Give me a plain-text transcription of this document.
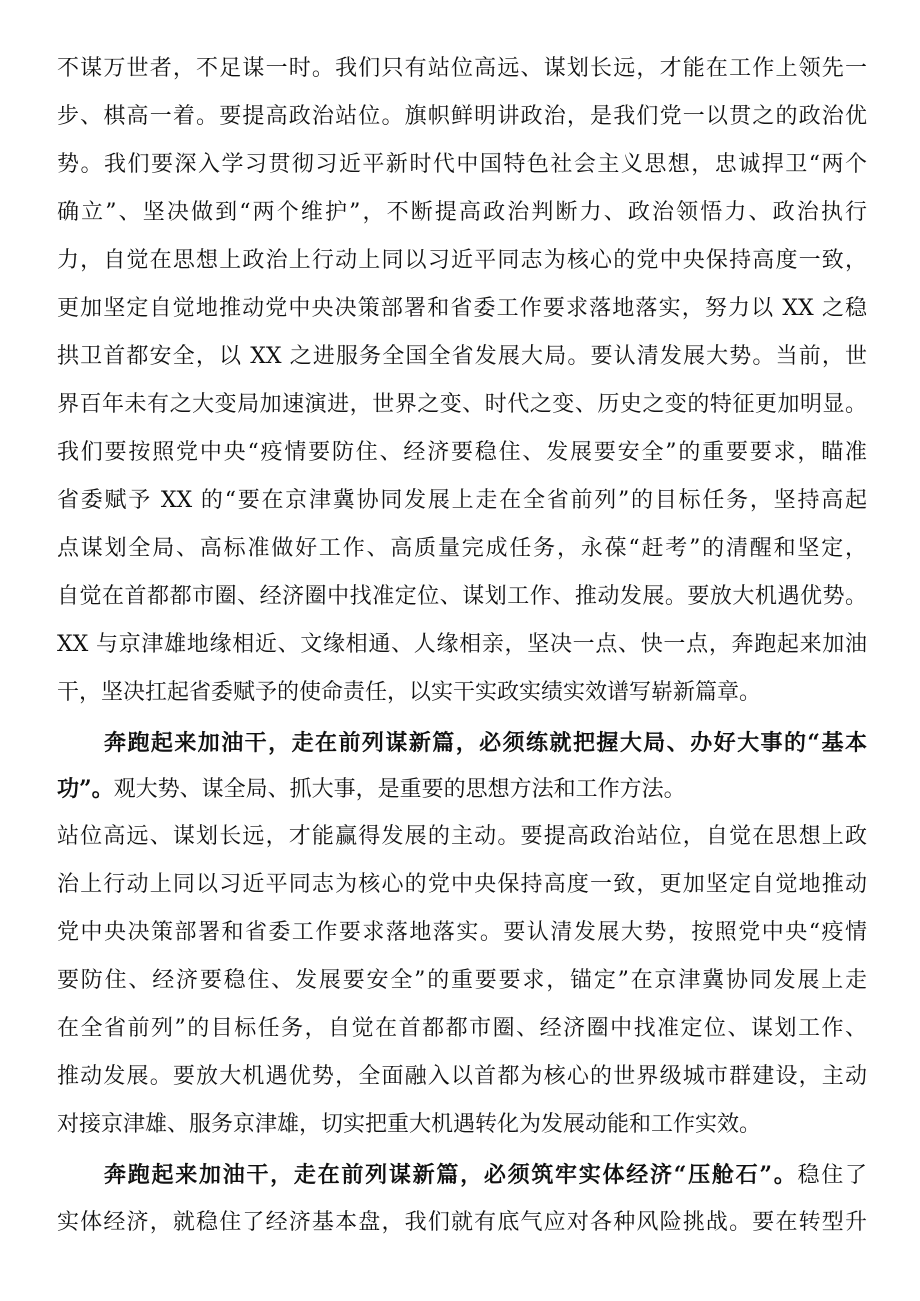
不谋万世者，不足谋一时。我们只有站位高远、谋划长远，才能在工作上领先一
步、棋高一着。要提高政治站位。旗帜鲜明讲政治，是我们党一以贯之的政治优
势。我们要深入学习贯彻习近平新时代中国特色社会主义思想，忠诚捍卫“两个
确立”、坚决做到“两个维护”，不断提高政治判断力、政治领悟力、政治执行
力，自觉在思想上政治上行动上同以习近平同志为核心的党中央保持高度一致，
更加坚定自觉地推动党中央决策部署和省委工作要求落地落实，努力以 XX 之稳
拱卫首都安全，以 XX 之进服务全国全省发展大局。要认清发展大势。当前，世
界百年未有之大变局加速演进，世界之变、时代之变、历史之变的特征更加明显。
我们要按照党中央“疫情要防住、经济要稳住、发展要安全”的重要要求，瞄准
省委赋予 XX 的“要在京津冀协同发展上走在全省前列”的目标任务，坚持高起
点谋划全局、高标准做好工作、高质量完成任务，永葆“赶考”的清醒和坚定，
自觉在首都都市圈、经济圈中找准定位、谋划工作、推动发展。要放大机遇优势。
XX 与京津雄地缘相近、文缘相通、人缘相亲，坚决一点、快一点，奔跑起来加油
干，坚决扛起省委赋予的使命责任，以实干实政实绩实效谱写崭新篇章。
奔跑起来加油干，走在前列谋新篇，必须练就把握大局、办好大事的“基本
功”。观大势、谋全局、抓大事，是重要的思想方法和工作方法。
站位高远、谋划长远，才能赢得发展的主动。要提高政治站位，自觉在思想上政
治上行动上同以习近平同志为核心的党中央保持高度一致，更加坚定自觉地推动
党中央决策部署和省委工作要求落地落实。要认清发展大势，按照党中央“疫情
要防住、经济要稳住、发展要安全”的重要要求，锚定”在京津冀协同发展上走
在全省前列”的目标任务，自觉在首都都市圈、经济圈中找准定位、谋划工作、
推动发展。要放大机遇优势，全面融入以首都为核心的世界级城市群建设，主动
对接京津雄、服务京津雄，切实把重大机遇转化为发展动能和工作实效。
奔跑起来加油干，走在前列谋新篇，必须筑牢实体经济“压舱石”。稳住了
实体经济，就稳住了经济基本盘，我们就有底气应对各种风险挑战。要在转型升
